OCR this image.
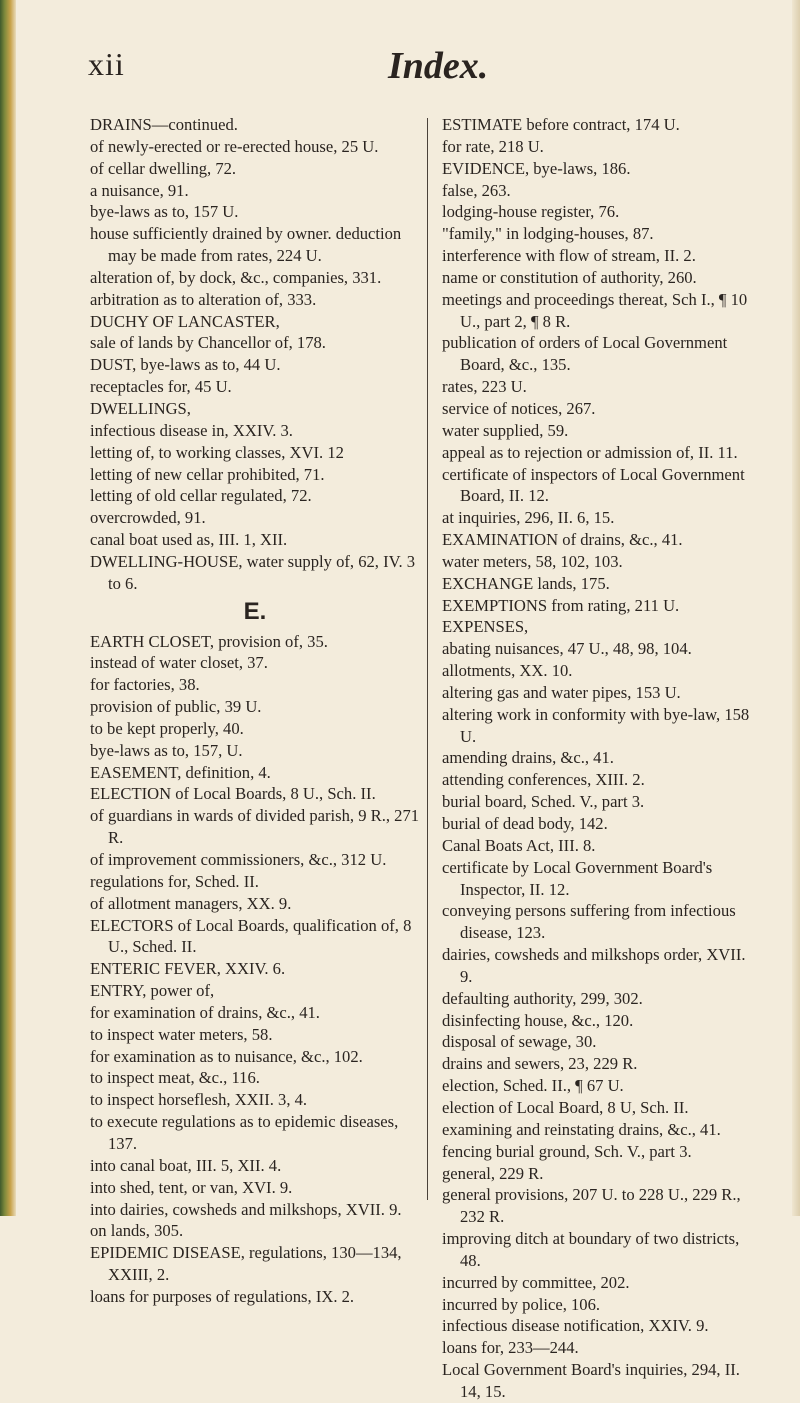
xii	Index.
DRAINS—continued.
of newly-erected or re-erected house, 25 U.
of cellar dwelling, 72.
a nuisance, 91.
bye-laws as to, 157 U.
house sufficiently drained by owner. deduction may be made from rates, 224 U.
alteration of, by dock, &c., companies, 331.
arbitration as to alteration of, 333.
DUCHY OF LANCASTER,
sale of lands by Chancellor of, 178.
DUST, bye-laws as to, 44 U.
receptacles for, 45 U.
DWELLINGS,
infectious disease in, XXIV. 3.
letting of, to working classes, XVI. 12
letting of new cellar prohibited, 71.
letting of old cellar regulated, 72.
overcrowded, 91.
canal boat used as, III. 1, XII.
DWELLING-HOUSE, water supply of, 62, IV. 3 to 6.
E.
EARTH CLOSET, provision of, 35.
instead of water closet, 37.
for factories, 38.
provision of public, 39 U.
to be kept properly, 40.
bye-laws as to, 157, U.
EASEMENT, definition, 4.
ELECTION of Local Boards, 8 U., Sch. II.
of guardians in wards of divided parish, 9 R., 271 R.
of improvement commissioners, &c., 312 U.
regulations for, Sched. II.
of allotment managers, XX. 9.
ELECTORS of Local Boards, qualification of, 8 U., Sched. II.
ENTERIC FEVER, XXIV. 6.
ENTRY, power of,
for examination of drains, &c., 41.
to inspect water meters, 58.
for examination as to nuisance, &c., 102.
to inspect meat, &c., 116.
to inspect horseflesh, XXII. 3, 4.
to execute regulations as to epidemic diseases, 137.
into canal boat, III. 5, XII. 4.
into shed, tent, or van, XVI. 9.
into dairies, cowsheds and milkshops, XVII. 9.
on lands, 305.
EPIDEMIC DISEASE, regulations, 130—134, XXIII, 2.
loans for purposes of regulations, IX. 2.
ESTIMATE before contract, 174 U.
for rate, 218 U.
EVIDENCE, bye-laws, 186.
false, 263.
lodging-house register, 76.
"family," in lodging-houses, 87.
interference with flow of stream, II. 2.
name or constitution of authority, 260.
meetings and proceedings thereat, Sch I., ¶ 10 U., part 2, ¶ 8 R.
publication of orders of Local Government Board, &c., 135.
rates, 223 U.
service of notices, 267.
water supplied, 59.
appeal as to rejection or admission of, II. 11.
certificate of inspectors of Local Government Board, II. 12.
at inquiries, 296, II. 6, 15.
EXAMINATION of drains, &c., 41.
water meters, 58, 102, 103.
EXCHANGE lands, 175.
EXEMPTIONS from rating, 211 U.
EXPENSES,
abating nuisances, 47 U., 48, 98, 104.
allotments, XX. 10.
altering gas and water pipes, 153 U.
altering work in conformity with bye-law, 158 U.
amending drains, &c., 41.
attending conferences, XIII. 2.
burial board, Sched. V., part 3.
burial of dead body, 142.
Canal Boats Act, III. 8.
certificate by Local Government Board's Inspector, II. 12.
conveying persons suffering from infectious disease, 123.
dairies, cowsheds and milkshops order, XVII. 9.
defaulting authority, 299, 302.
disinfecting house, &c., 120.
disposal of sewage, 30.
drains and sewers, 23, 229 R.
election, Sched. II., ¶ 67 U.
election of Local Board, 8 U, Sch. II.
examining and reinstating drains, &c., 41.
fencing burial ground, Sch. V., part 3.
general, 229 R.
general provisions, 207 U. to 228 U., 229 R., 232 R.
improving ditch at boundary of two districts, 48.
incurred by committee, 202.
incurred by police, 106.
infectious disease notification, XXIV. 9.
loans for, 233—244.
Local Government Board's inquiries, 294, II. 14, 15.
